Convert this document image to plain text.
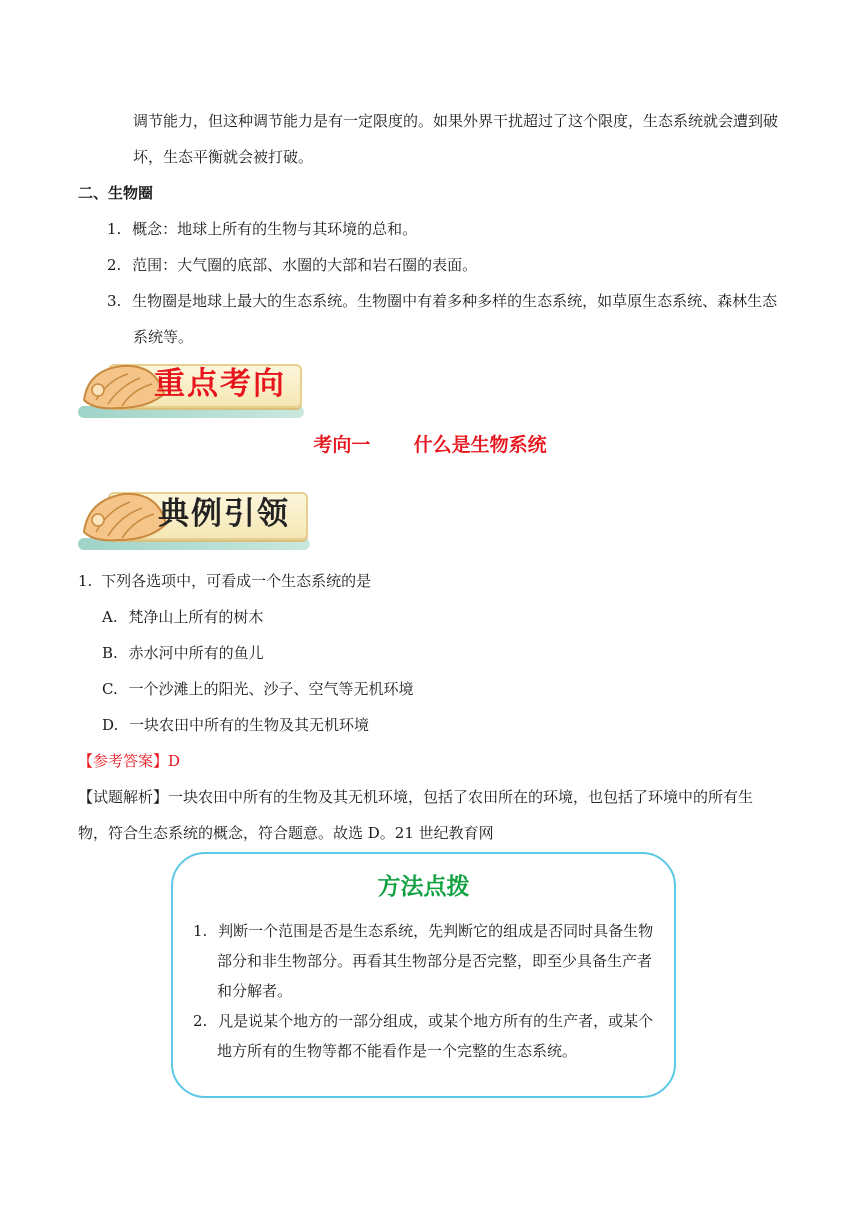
调节能力，但这种调节能力是有一定限度的。如果外界干扰超过了这个限度，生态系统就会遭到破
坏，生态平衡就会被打破。
二、生物圈
1. 概念：地球上所有的生物与其环境的总和。
2. 范围：大气圈的底部、水圈的大部和岩石圈的表面。
3. 生物圈是地球上最大的生态系统。生物圈中有着多种多样的生态系统，如草原生态系统、森林生态
系统等。
重点考向
考向一 什么是生物系统
典例引领
1. 下列各选项中，可看成一个生态系统的是
A. 梵净山上所有的树木
B. 赤水河中所有的鱼儿
C. 一个沙滩上的阳光、沙子、空气等无机环境
D. 一块农田中所有的生物及其无机环境
【参考答案】D
【试题解析】一块农田中所有的生物及其无机环境，包括了农田所在的环境，也包括了环境中的所有生
物，符合生态系统的概念，符合题意。故选 D。21 世纪教育网
方法点拨
1. 判断一个范围是否是生态系统，先判断它的组成是否同时具备生物
部分和非生物部分。再看其生物部分是否完整，即至少具备生产者
和分解者。
2. 凡是说某个地方的一部分组成，或某个地方所有的生产者，或某个
地方所有的生物等都不能看作是一个完整的生态系统。
